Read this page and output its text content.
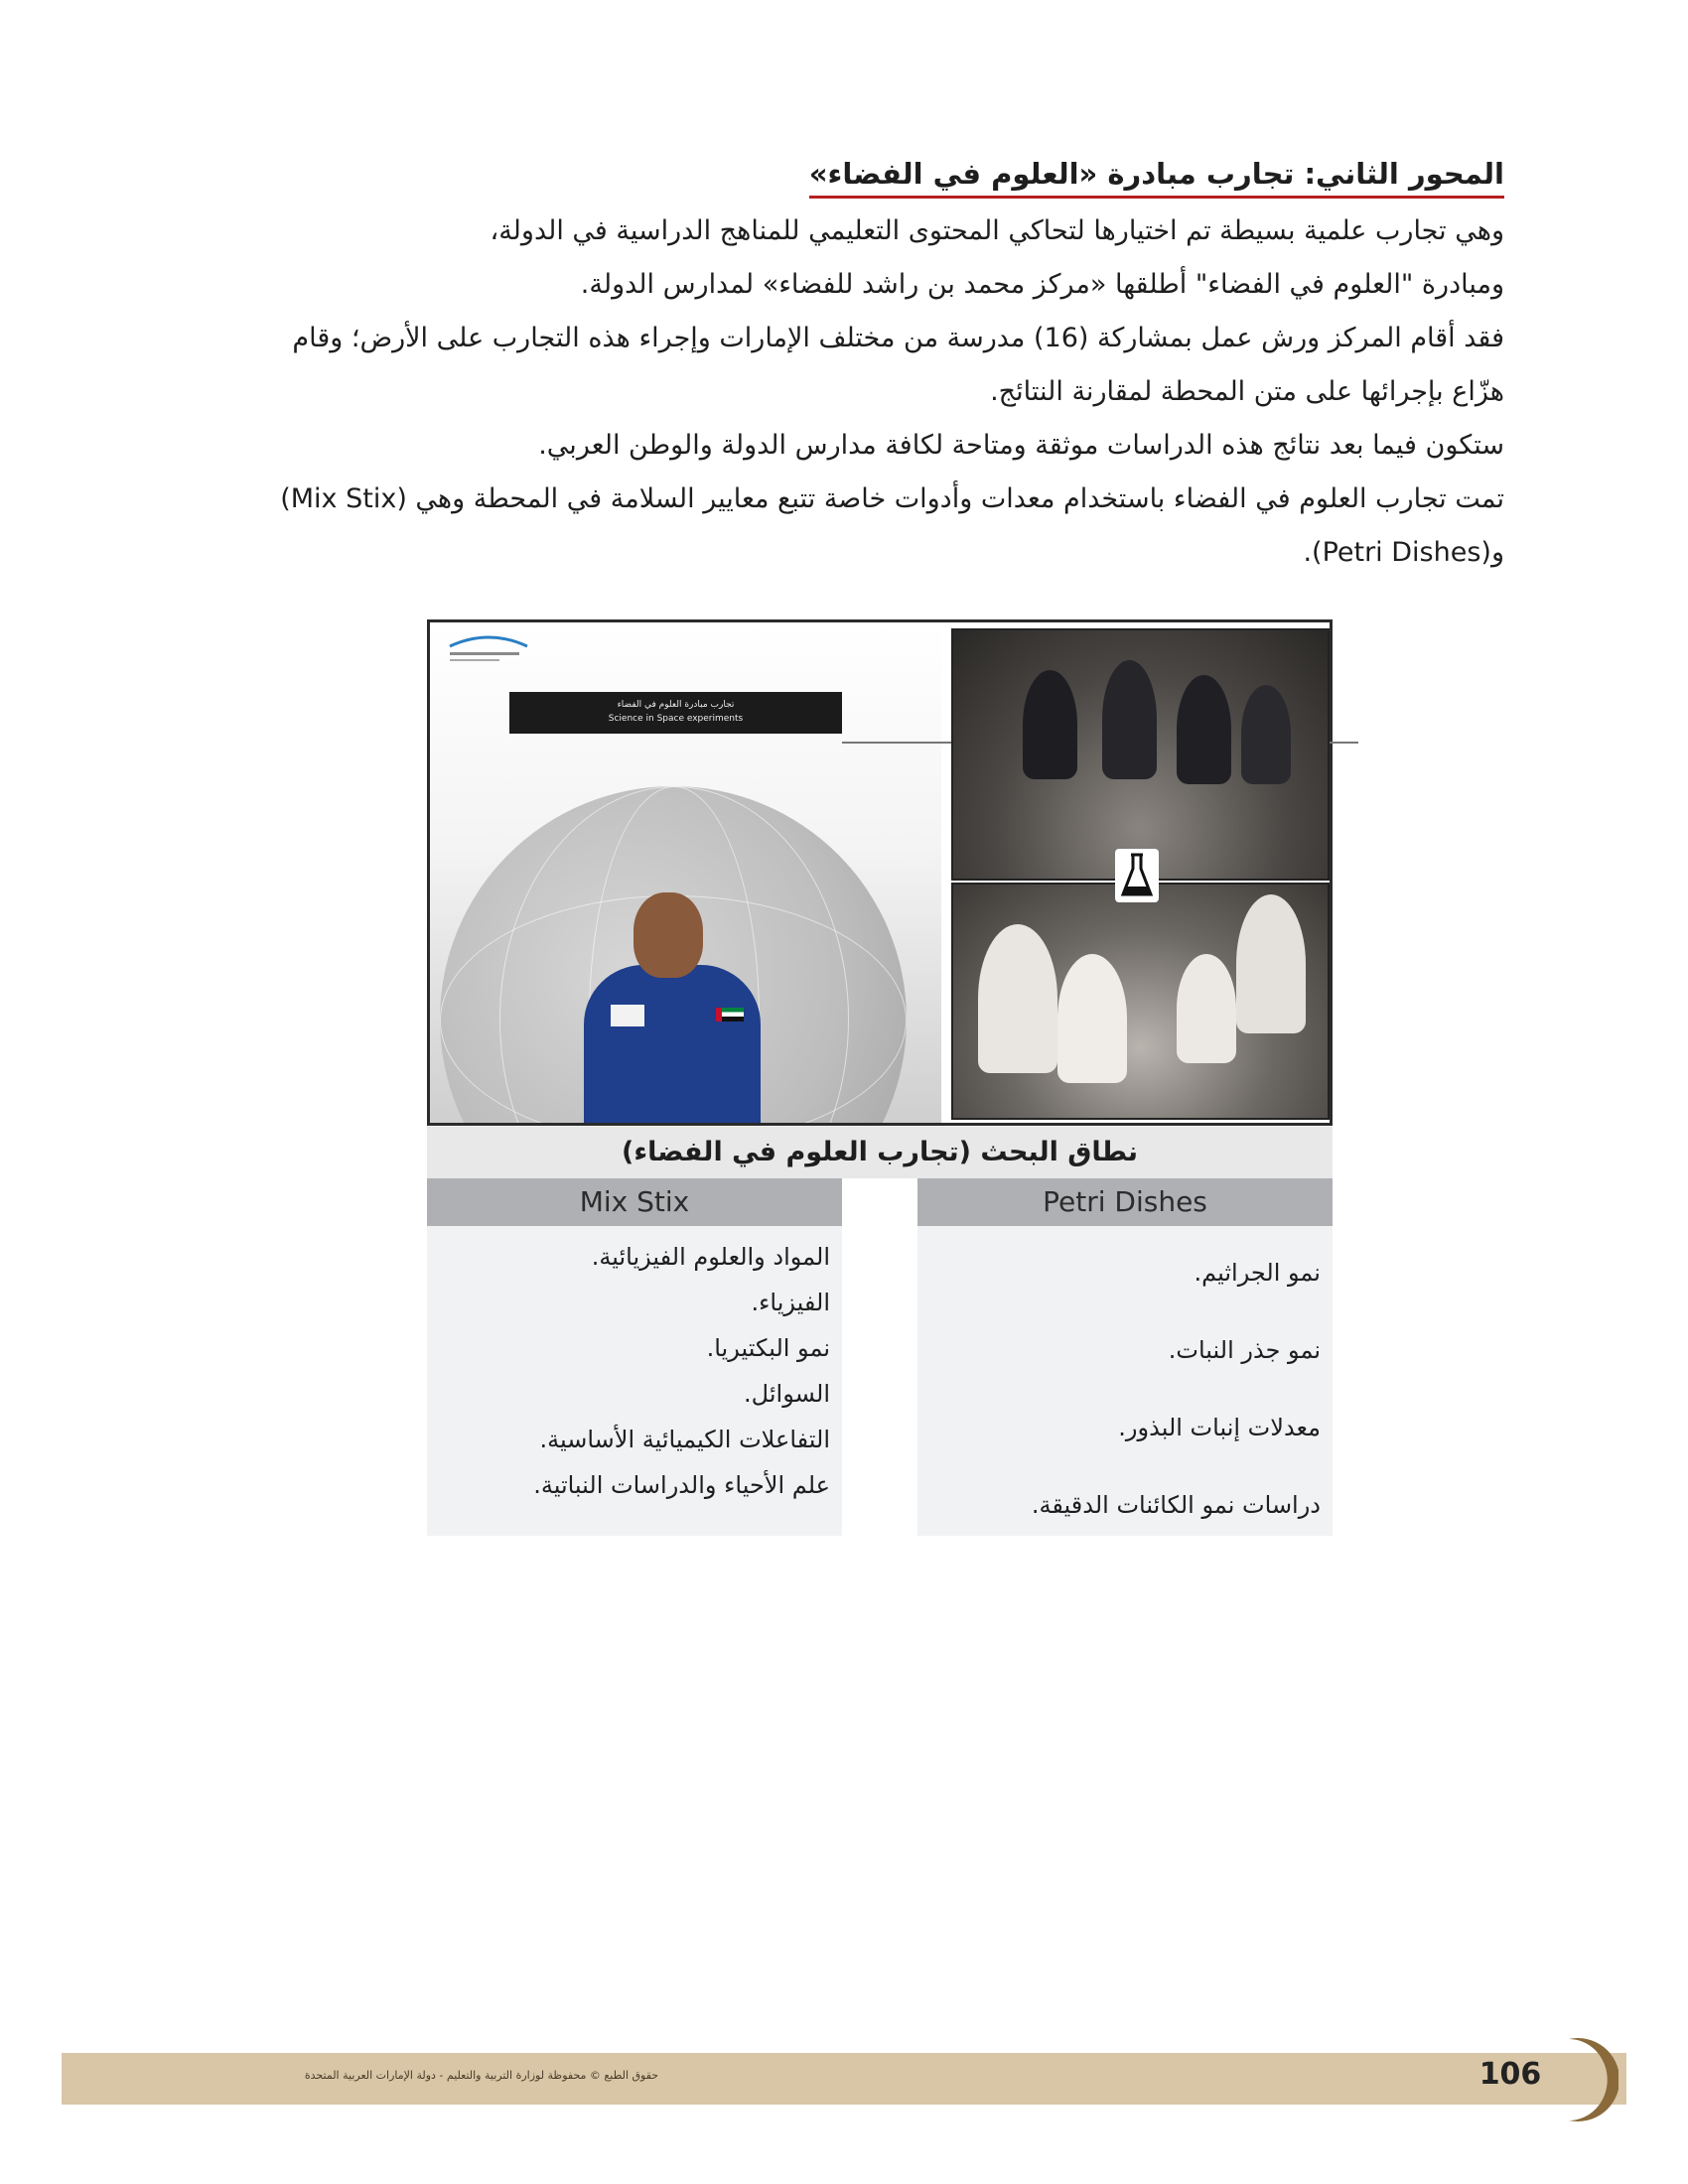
المحور الثاني: تجارب مبادرة «العلوم في الفضاء»
وهي تجارب علمية بسيطة تم اختيارها لتحاكي المحتوى التعليمي للمناهج الدراسية في الدولة،
ومبادرة "العلوم في الفضاء" أطلقها «مركز محمد بن راشد للفضاء» لمدارس الدولة.
فقد أقام المركز ورش عمل بمشاركة (16) مدرسة من مختلف الإمارات وإجراء هذه التجارب على الأرض؛ وقام هزّاع بإجرائها على متن المحطة لمقارنة النتائج.
ستكون فيما بعد نتائج هذه الدراسات موثقة ومتاحة لكافة مدارس الدولة والوطن العربي.
تمت تجارب العلوم في الفضاء باستخدام معدات وأدوات خاصة تتبع معايير السلامة في المحطة وهي (Mix Stix) و(Petri Dishes).
تجارب مبادرة العلوم في الفضاء
Science in Space experiments
نطاق البحث (تجارب العلوم في الفضاء)
Mix Stix
المواد والعلوم الفيزيائية.
الفيزياء.
نمو البكتيريا.
السوائل.
التفاعلات الكيميائية الأساسية.
علم الأحياء والدراسات النباتية.
Petri Dishes
نمو الجراثيم.
نمو جذر النبات.
معدلات إنبات البذور.
دراسات نمو الكائنات الدقيقة.
حقوق الطبع © محفوظة لوزارة التربية والتعليم - دولة الإمارات العربية المتحدة	106
